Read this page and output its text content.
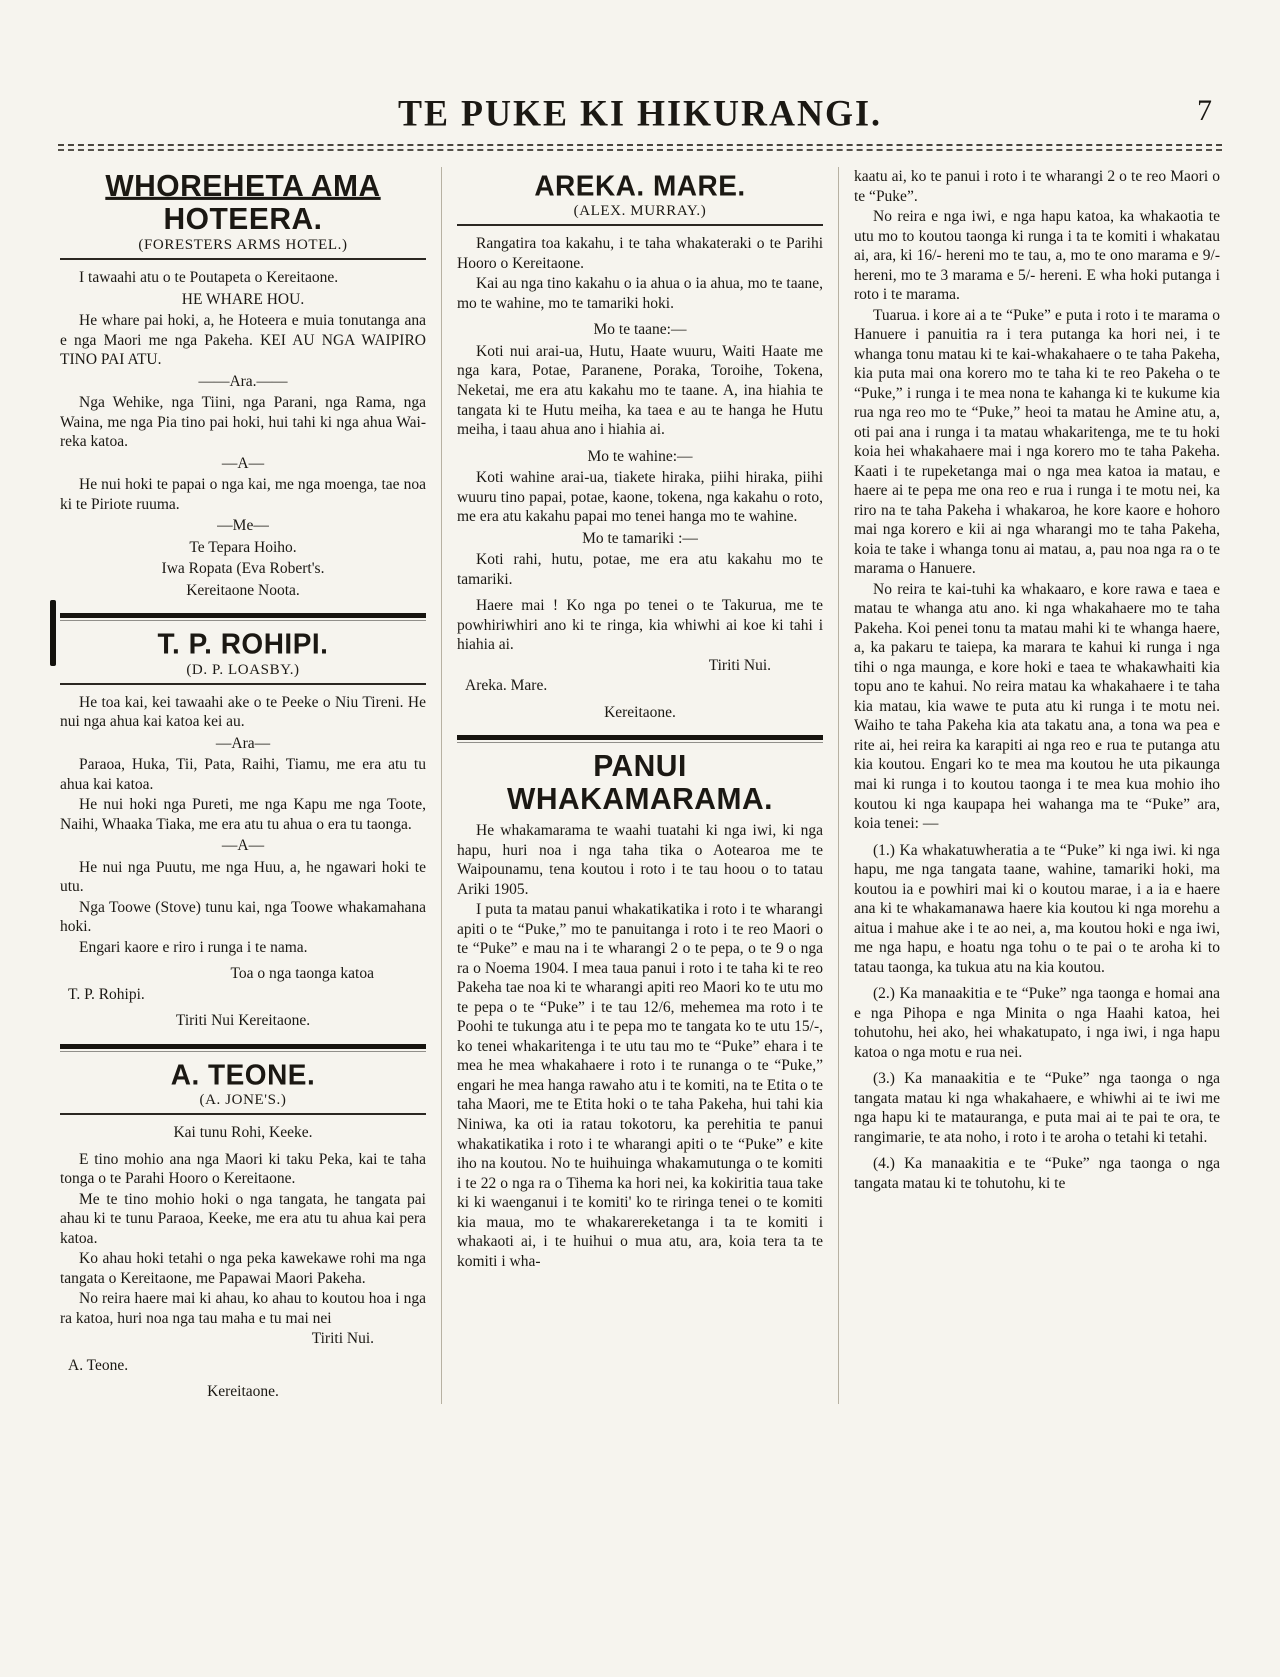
TE PUKE KI HIKURANGI.	7
WHOREHETA AMA
HOTEERA.
(FORESTERS ARMS HOTEL.)
I tawaahi atu o te Poutapeta o Kereitaone.
HE WHARE HOU.
He whare pai hoki, a, he Hoteera e muia tonutanga ana e nga Maori me nga Pakeha. KEI AU NGA WAIPIRO TINO PAI ATU.
——Ara.——
Nga Wehike, nga Tiini, nga Parani, nga Rama, nga Waina, me nga Pia tino pai hoki, hui tahi ki nga ahua Wai-reka katoa.
—A—
He nui hoki te papai o nga kai, me nga moenga, tae noa ki te Piriote ruuma.
—Me—
Te Tepara Hoiho.
Iwa Ropata (Eva Robert's.
Kereitaone Noota.
T. P. ROHIPI.
(D. P. LOASBY.)
He toa kai, kei tawaahi ake o te Peeke o Niu Tireni. He nui nga ahua kai katoa kei au.
—Ara—
Paraoa, Huka, Tii, Pata, Raihi, Tiamu, me era atu tu ahua kai katoa.
He nui hoki nga Pureti, me nga Kapu me nga Toote, Naihi, Whaaka Tiaka, me era atu tu ahua o era tu taonga.
—A—
He nui nga Puutu, me nga Huu, a, he ngawari hoki te utu.
Nga Toowe (Stove) tunu kai, nga Toowe whakamahana hoki.
Engari kaore e riro i runga i te nama.
Toa o nga taonga katoa
T. P. Rohipi.
Tiriti Nui Kereitaone.
A. TEONE.
(A. JONE'S.)
Kai tunu Rohi, Keeke.
E tino mohio ana nga Maori ki taku Peka, kai te taha tonga o te Parahi Hooro o Kereitaone.
Me te tino mohio hoki o nga tangata, he tangata pai ahau ki te tunu Paraoa, Keeke, me era atu tu ahua kai pera katoa.
Ko ahau hoki tetahi o nga peka kawekawe rohi ma nga tangata o Kereitaone, me Papawai Maori Pakeha.
No reira haere mai ki ahau, ko ahau to koutou hoa i nga ra katoa, huri noa nga tau maha e tu mai nei
Tiriti Nui.
A. Teone.
Kereitaone.
AREKA. MARE.
(ALEX. MURRAY.)
Rangatira toa kakahu, i te taha whakateraki o te Parihi Hooro o Kereitaone.
Kai au nga tino kakahu o ia ahua o ia ahua, mo te taane, mo te wahine, mo te tamariki hoki.
Mo te taane:—
Koti nui arai-ua, Hutu, Haate wuuru, Waiti Haate me nga kara, Potae, Paranene, Poraka, Toroihe, Tokena, Neketai, me era atu kakahu mo te taane. A, ina hiahia te tangata ki te Hutu meiha, ka taea e au te hanga he Hutu meiha, i taau ahua ano i hiahia ai.
Mo te wahine:—
Koti wahine arai-ua, tiakete hiraka, piihi hiraka, piihi wuuru tino papai, potae, kaone, tokena, nga kakahu o roto, me era atu kakahu papai mo tenei hanga mo te wahine.
Mo te tamariki :—
Koti rahi, hutu, potae, me era atu kakahu mo te tamariki.
Haere mai ! Ko nga po tenei o te Takurua, me te powhiriwhiri ano ki te ringa, kia whiwhi ai koe ki tahi i hiahia ai.
Tiriti Nui.
Areka. Mare.
Kereitaone.
PANUI WHAKAMARAMA.
He whakamarama te waahi tuatahi ki nga iwi, ki nga hapu, huri noa i nga taha tika o Aotearoa me te Waipounamu, tena koutou i roto i te tau hoou o to tatau Ariki 1905.
I puta ta matau panui whakatikatika i roto i te wharangi apiti o te “Puke,” mo te panuitanga i roto i te reo Maori o te “Puke” e mau na i te wharangi 2 o te pepa, o te 9 o nga ra o Noema 1904. I mea taua panui i roto i te taha ki te reo Pakeha tae noa ki te wharangi apiti reo Maori ko te utu mo te pepa o te “Puke” i te tau 12/6, mehemea ma roto i te Poohi te tukunga atu i te pepa mo te tangata ko te utu 15/-, ko tenei whakaritenga i te utu tau mo te “Puke” ehara i te mea he mea whakahaere i roto i te runanga o te “Puke,” engari he mea hanga rawaho atu i te komiti, na te Etita o te taha Maori, me te Etita hoki o te taha Pakeha, hui tahi kia Niniwa, ka oti ia ratau tokotoru, ka perehitia te panui whakatikatika i roto i te wharangi apiti o te “Puke” e kite iho na koutou. No te huihuinga whakamutunga o te komiti i te 22 o nga ra o Tihema ka hori nei, ka kokiritia taua take ki ki waenganui i te komiti' ko te riringa tenei o te komiti kia maua, mo te whakarereketanga i ta te komiti i whakaoti ai, i te huihui o mua atu, ara, koia tera ta te komiti i wha-
kaatu ai, ko te panui i roto i te wharangi 2 o te reo Maori o te “Puke”.
No reira e nga iwi, e nga hapu katoa, ka whakaotia te utu mo to koutou taonga ki runga i ta te komiti i whakatau ai, ara, ki 16/- hereni mo te tau, a, mo te ono marama e 9/- hereni, mo te 3 marama e 5/- hereni. E wha hoki putanga i roto i te marama.
Tuarua. i kore ai a te “Puke” e puta i roto i te marama o Hanuere i panuitia ra i tera putanga ka hori nei, i te whanga tonu matau ki te kai-whakahaere o te taha Pakeha, kia puta mai ona korero mo te taha ki te reo Pakeha o te “Puke,” i runga i te mea nona te kahanga ki te kukume kia rua nga reo mo te “Puke,” heoi ta matau he Amine atu, a, oti pai ana i runga i ta matau whakaritenga, me te tu hoki koia hei whakahaere mai i nga korero mo te taha Pakeha. Kaati i te rupeketanga mai o nga mea katoa ia matau, e haere ai te pepa me ona reo e rua i runga i te motu nei, ka riro na te taha Pakeha i whakaroa, he kore kaore e hohoro mai nga korero e kii ai nga wharangi mo te taha Pakeha, koia te take i whanga tonu ai matau, a, pau noa nga ra o te marama o Hanuere.
No reira te kai-tuhi ka whakaaro, e kore rawa e taea e matau te whanga atu ano. ki nga whakahaere mo te taha Pakeha. Koi penei tonu ta matau mahi ki te whanga haere, a, ka pakaru te taiepa, ka marara te kahui ki runga i nga tihi o nga maunga, e kore hoki e taea te whakawhaiti kia topu ano te kahui. No reira matau ka whakahaere i te taha kia matau, kia wawe te puta atu ki runga i te motu nei. Waiho te taha Pakeha kia ata takatu ana, a tona wa pea e rite ai, hei reira ka karapiti ai nga reo e rua te putanga atu kia koutou. Engari ko te mea ma koutou he uta pikaunga mai ki runga i to koutou taonga i te mea kua mohio iho koutou ki nga kaupapa hei wahanga ma te “Puke” ara, koia tenei: —
(1.) Ka whakatuwheratia a te “Puke” ki nga iwi. ki nga hapu, me nga tangata taane, wahine, tamariki hoki, ma koutou ia e powhiri mai ki o koutou marae, i a ia e haere ana ki te whakamanawa haere kia koutou ki nga morehu a aitua i mahue ake i te ao nei, a, ma koutou hoki e nga iwi, me nga hapu, e hoatu nga tohu o te pai o te aroha ki to tatau taonga, ka tukua atu na kia koutou.
(2.) Ka manaakitia e te “Puke” nga taonga e homai ana e nga Pihopa e nga Minita o nga Haahi katoa, hei tohutohu, hei ako, hei whakatupato, i nga iwi, i nga hapu katoa o nga motu e rua nei.
(3.) Ka manaakitia e te “Puke” nga taonga o nga tangata matau ki nga whakahaere, e whiwhi ai te iwi me nga hapu ki te matauranga, e puta mai ai te pai te ora, te rangimarie, te ata noho, i roto i te aroha o tetahi ki tetahi.
(4.) Ka manaakitia e te “Puke” nga taonga o nga tangata matau ki te tohutohu, ki te
